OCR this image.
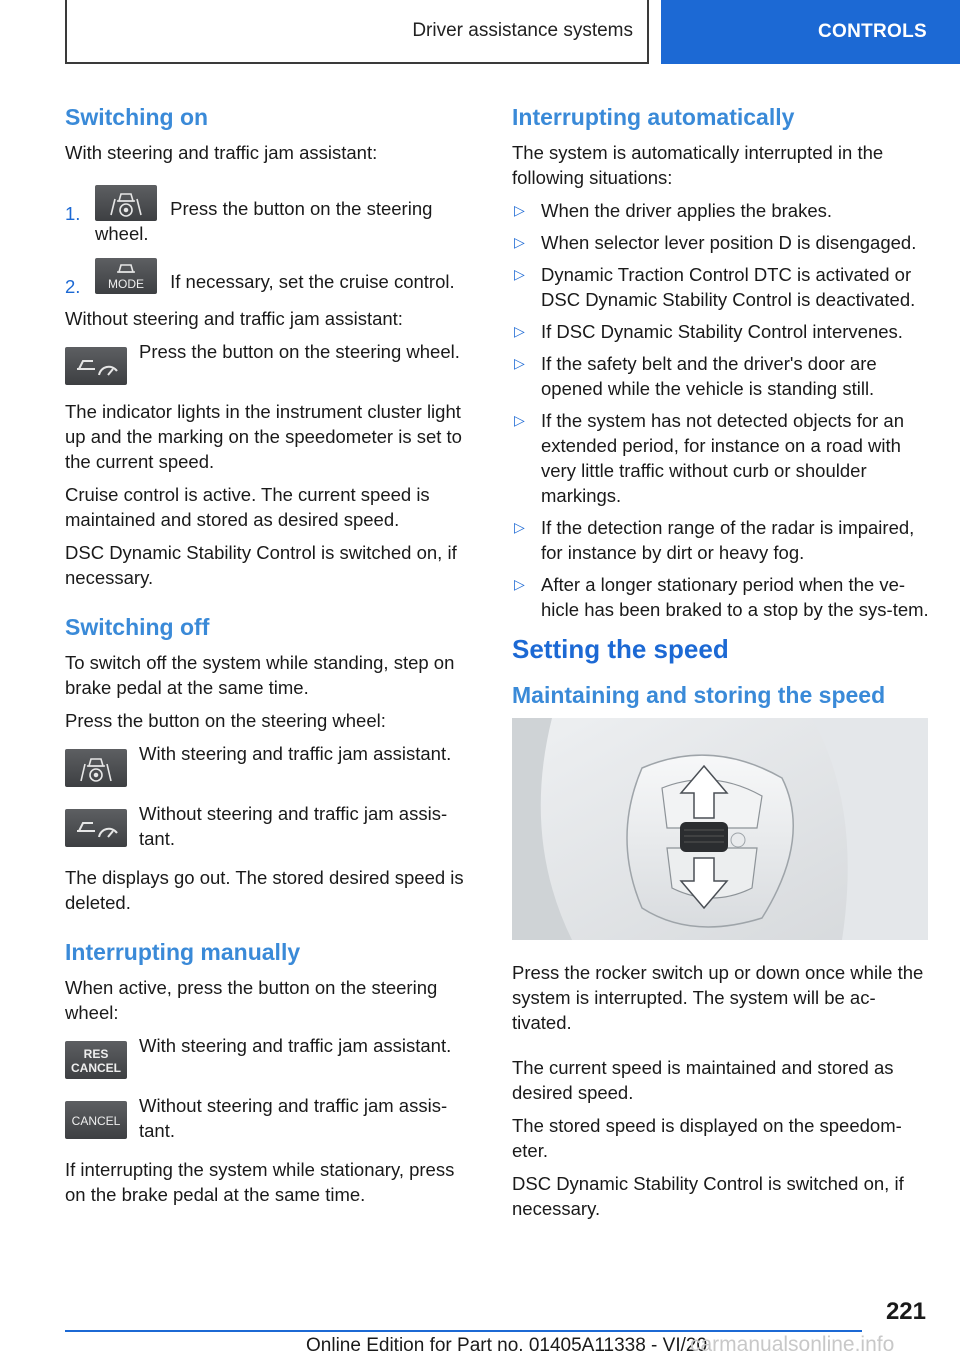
Driver assistance systems	CONTROLS
Switching on

With steering and traffic jam assistant:

1.	Press the button on the steering wheel.
2. MODE If necessary, set the cruise control.

Without steering and traffic jam assistant:

Press the button on the steering wheel.

The indicator lights in the instrument cluster light up and the marking on the speedometer is set to the current speed.

Cruise control is active. The current speed is maintained and stored as desired speed.

DSC Dynamic Stability Control is switched on, if necessary.

Switching off

To switch off the system while standing, step on brake pedal at the same time.

Press the button on the steering wheel:

With steering and traffic jam assistant.
Without steering and traffic jam assis-tant.

The displays go out. The stored desired speed is deleted.

Interrupting manually

When active, press the button on the steering wheel:

RES
CANCEL
With steering and traffic jam assistant.
CANCEL
Without steering and traffic jam assis-tant.

If interrupting the system while stationary, press on the brake pedal at the same time.

Interrupting automatically

The system is automatically interrupted in the following situations:

▷ When the driver applies the brakes.
▷ When selector lever position D is disengaged.
▷ Dynamic Traction Control DTC is activated or DSC Dynamic Stability Control is deactivated.
▷ If DSC Dynamic Stability Control intervenes.
▷ If the safety belt and the driver's door are opened while the vehicle is standing still.
▷ If the system has not detected objects for an extended period, for instance on a road with very little traffic without curb or shoulder markings.
▷ If the detection range of the radar is impaired, for instance by dirt or heavy fog.
▷ After a longer stationary period when the ve-hicle has been braked to a stop by the sys-tem.
Setting the speed
Maintaining and storing the speed

Press the rocker switch up or down once while the system is interrupted. The system will be ac-tivated.

The current speed is maintained and stored as desired speed.

The stored speed is displayed on the speedom-eter.

DSC Dynamic Stability Control is switched on, if necessary.

221
Online Edition for Part no. 01405A11338 - VI/20
carmanualsonline.info
